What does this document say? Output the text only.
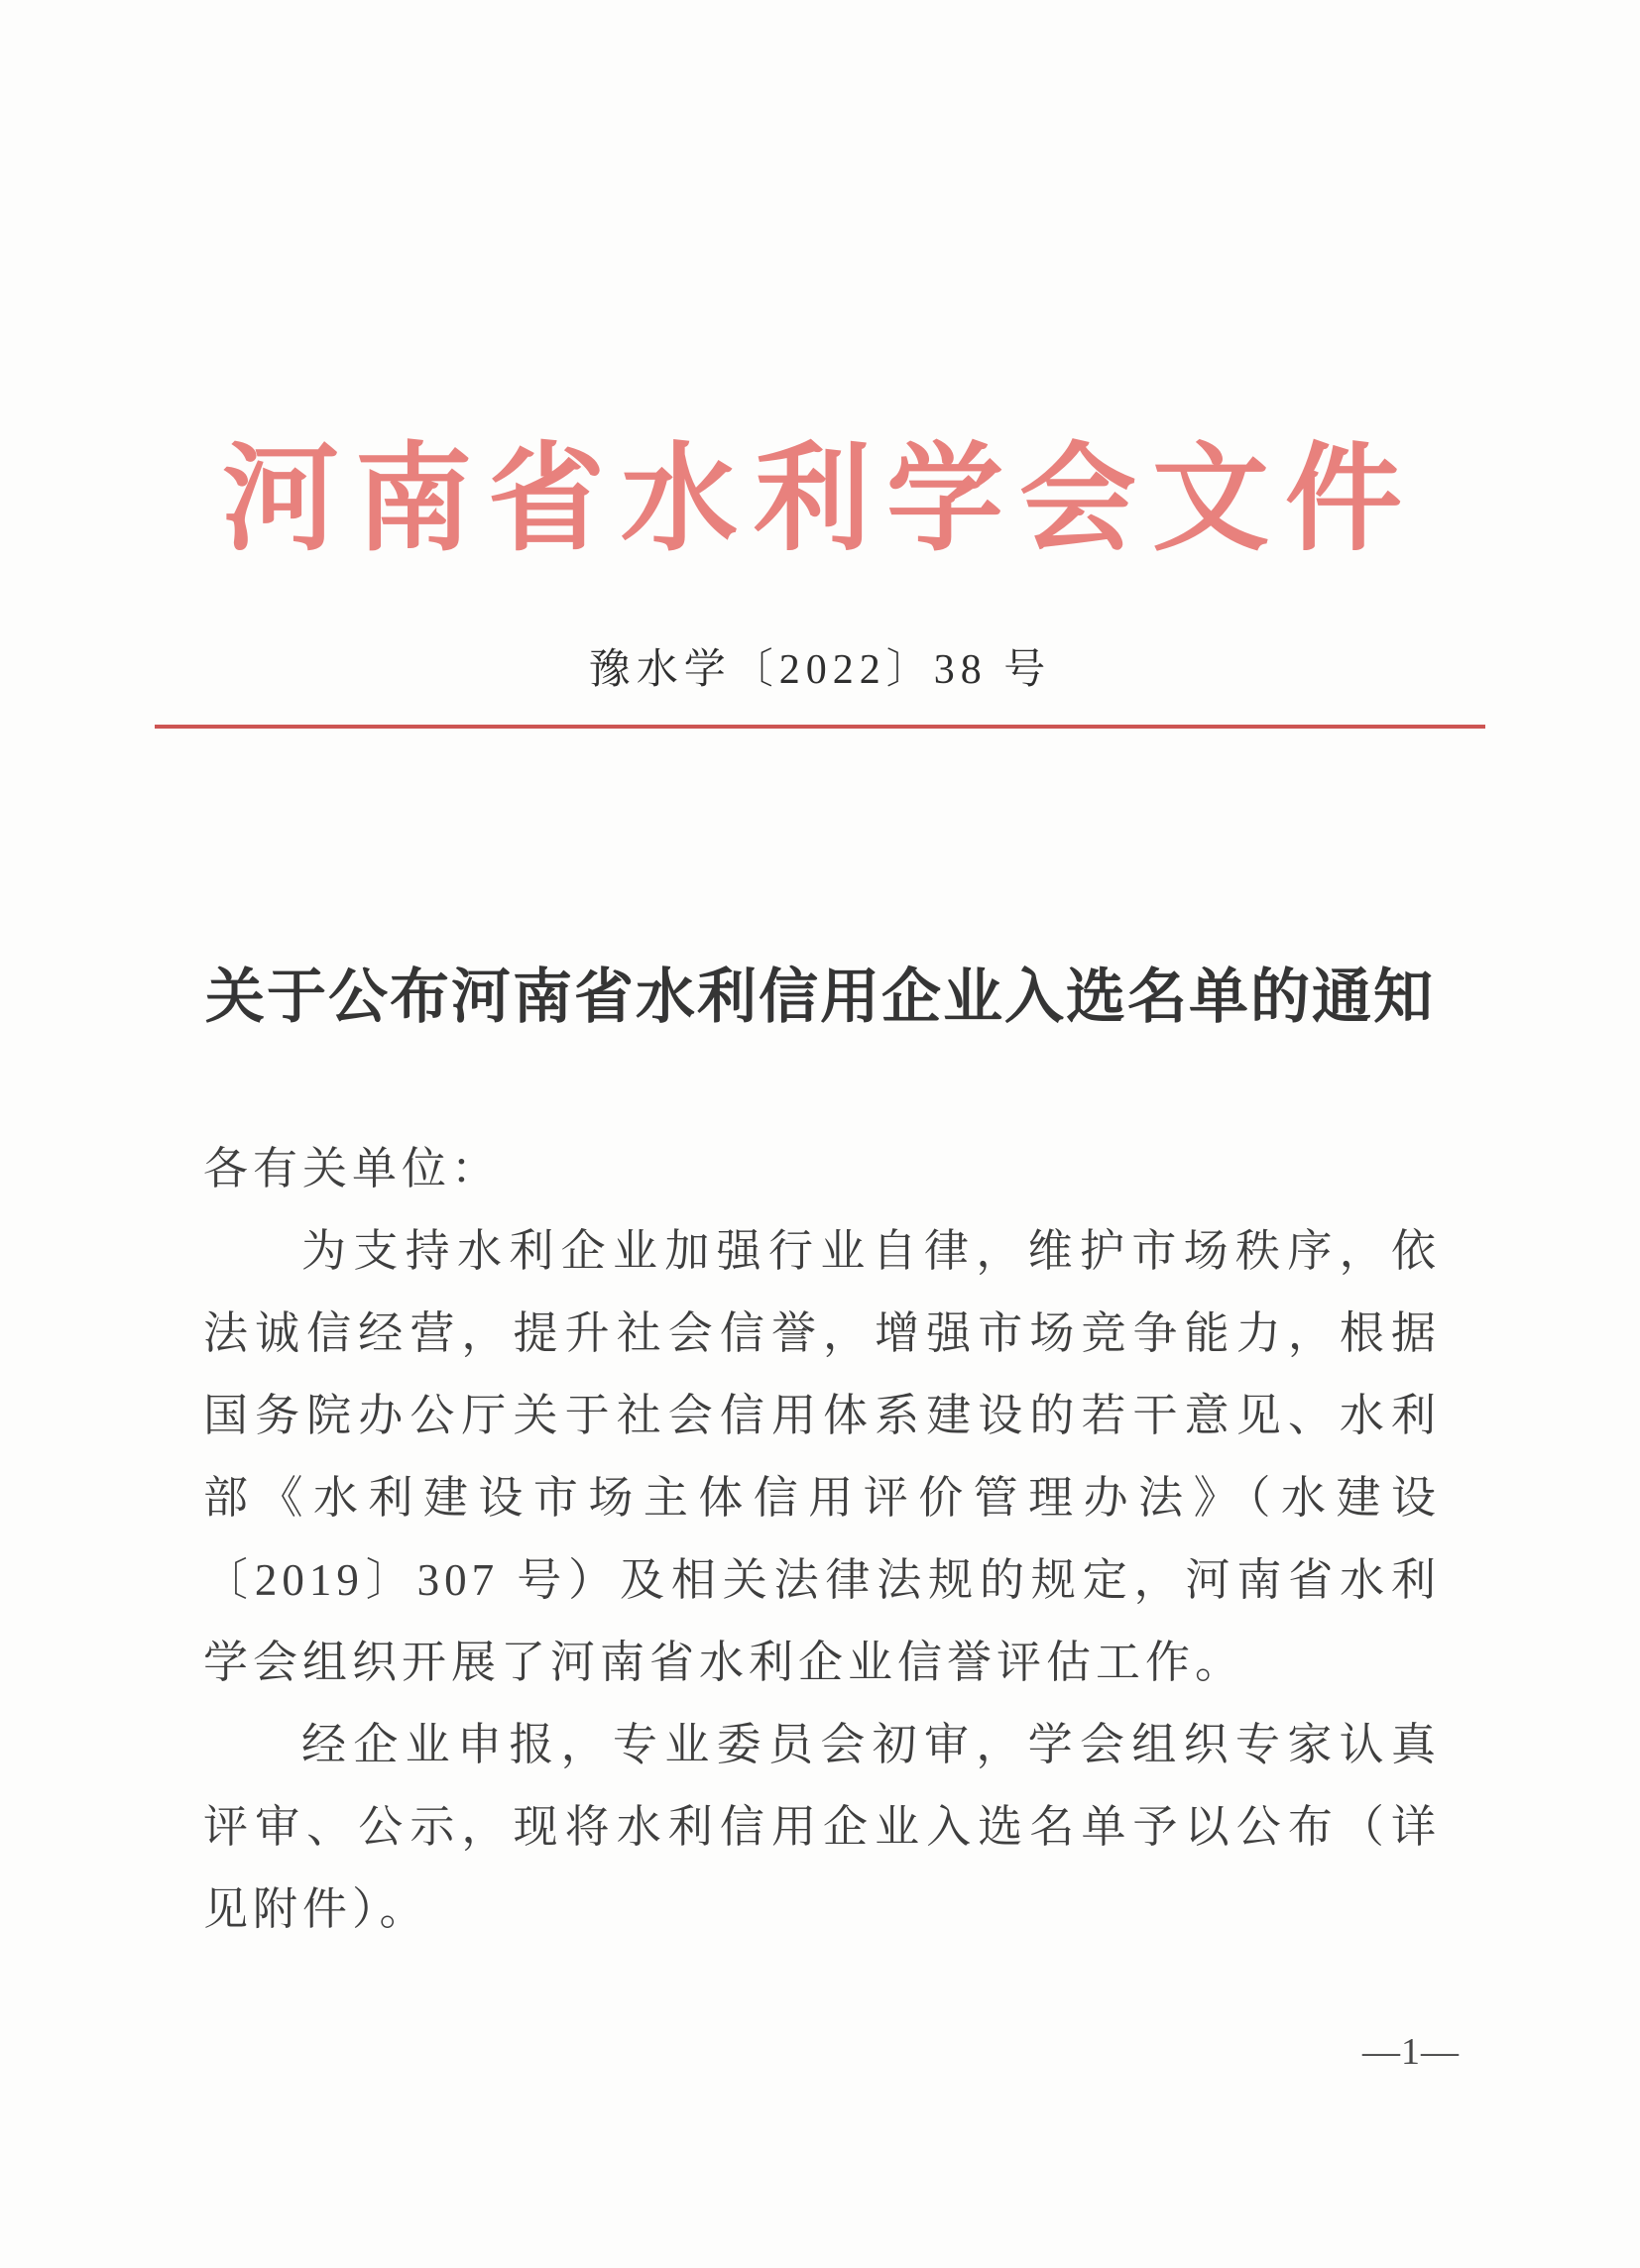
河南省水利学会文件
豫水学〔2022〕38 号
关于公布河南省水利信用企业入选名单的通知

各有关单位：

为支持水利企业加强行业自律，维护市场秩序，依法诚信经营，提升社会信誉，增强市场竞争能力，根据国务院办公厅关于社会信用体系建设的若干意见、水利部《水利建设市场主体信用评价管理办法》（水建设〔2019〕307 号）及相关法律法规的规定，河南省水利学会组织开展了河南省水利企业信誉评估工作。

经企业申报，专业委员会初审，学会组织专家认真评审、公示，现将水利信用企业入选名单予以公布（详见附件）。

—1—
